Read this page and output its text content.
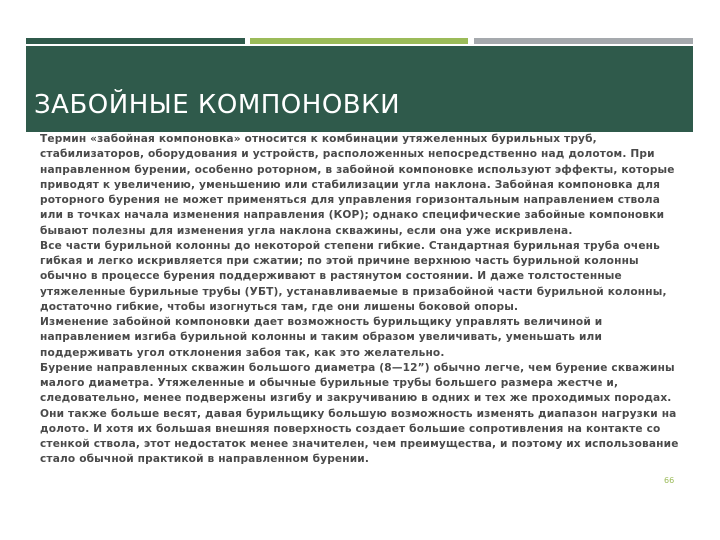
ЗАБОЙНЫЕ КОМПОНОВКИ
Термин «забойная компоновка» относится к комбинации утяжеленных бурильных труб, стабилизаторов, оборудования и устройств, расположенных непосредственно над долотом. При направленном бурении, особенно роторном, в забойной компоновке используют эффекты, которые приводят к увеличению, уменьшению или стабилизации угла наклона. Забойная компоновка для роторного бурения не может применяться для управления горизонтальным направлением ствола или в точках начала изменения направления (КОР); однако специфические забойные компоновки бывают полезны для изменения угла наклона скважины, если она уже искривлена.
Все части бурильной колонны до некоторой степени гибкие. Стандартная бурильная труба очень гибкая и легко искривляется при сжатии; по этой причине верхнюю часть бурильной колонны обычно в процессе бурения поддерживают в растянутом состоянии. И даже толстостенные утяжеленные бурильные трубы (УБТ), устанавливаемые в призабойной части бурильной колонны, достаточно гибкие, чтобы изогнуться там, где они лишены боковой опоры.
Изменение забойной компоновки дает возможность бурильщику управлять величиной и направлением изгиба бурильной колонны и таким образом увеличивать, уменьшать или поддерживать угол отклонения забоя так, как это желательно.
Бурение направленных скважин большого диаметра (8—12”) обычно легче, чем бурение скважины малого диаметра. Утяжеленные и обычные бурильные трубы большего размера жестче и, следовательно, менее подвержены изгибу и закручиванию в одних и тех же проходимых породах. Они также больше весят, давая бурильщику большую возможность изменять диапазон нагрузки на долото. И хотя их большая внешняя поверхность создает большие сопротивления на контакте со стенкой ствола, этот недостаток менее значителен, чем преимущества, и поэтому их использование стало обычной практикой в направленном бурении.
66
